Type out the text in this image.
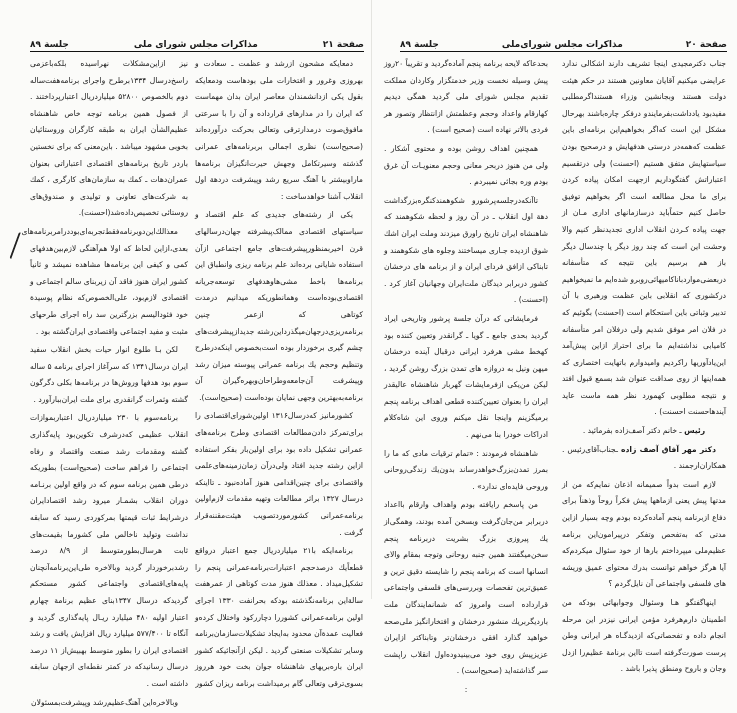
صفحة ۲۱
مذاکرات مجلس شورای ملی
جلسة ۸۹

دمعایکه مشحون ازرشد و عظمت ـ سعادت و بهروزی وغرور و افتخارات ملی بودهاست ودمعایکه بقول یکی ازدانشمندان معاصر ایران بدان مهماست که ایران را در مدارهای قرارداده و آن را با سرعتی مافوق‌صوت درمدارترقی وتعالی بحرکت درآورده‌اند (صحیح‌است) نظری اجمالی بربرنامه‌های عمرانی گذشته وسیرتکامل وجهش حیرت‌انگیزان برنامه‌ها ماراوبیشتر با آهنگ سریع رشد وپیشرفت دردهة اول انقلاب آشنا خواهدساخت :

یکی از رشته‌های جدیدی که علم اقتصاد و سیاستهای اقتصادی ممالک‌پیشرفته جهان‌درسالهای قرن اخیربمنظورپیشرفت‌های جامع اجتماعی ازآن استفاده شایانی برده‌اند علم برنامه ریزی وانطباق این برنامه‌ها باخط مشی‌هاوهدفهای توسعه‌جریانه اقتصادی‌بوده‌است وهمانطوریکه میدانیم درمدت کوتاهی که ازعمر چنین برنامه‌ریزی‌درجهان‌میگذرداین‌رشته جدیدازپیشرفت‌های چشم گیری برخوردار بوده است‌بخصوص اینکه‌درطرح وتنظیم وحجم یك برنامه عمرانی پیوسته میزان رشد وپیشرفت آن‌جامعه‌وطراحان‌وبهره‌گیران آن برنامه‌به‌بهترین وجهی نمایان بوده‌است (صحیح‌است).

کشورمانیز که‌درسال۱۳۱۶ اولین‌شورای‌اقتصادی را برای‌تمرکز دادن‌مطالعات اقتصادی وطرح برنامه‌های عمرانی تشکیل داده بود برای اولین‌بار بفکر استفاده ازاین رشته جدید افتاد ولی‌درآن زمان‌زمینه‌های‌علمی واقتصادی برای چنین‌اقدامی هنوز آماده‌نبود ـ تااینکه درسال ۱۳۲۷ براثر مطالعات وتهیه مقدمات لازم‌اولین برنامه‌عمرانی کشورموردتصویب هیئت‌مقننه‌قرار گرفت .

برنامه‌ایکه با۲۱ میلیاردریال جمع اعتبار درواقع قطعاًیك درصدحجم اعتبارات‌برنامه‌عمرانی پنجم را تشکیل‌میداد . معذلك هنوز مدت کوتاهی از عمرهفت سالةاین برنامه‌نگذشته بودکه بحرانفت ۱۳۳۰ اجرای اولین برنامه‌عمرانی کشوررا دچاررکود واختلال کرده‌و فعالیت عمدةآن محدود به‌ایجاد تشکیلات‌سازمان‌برنامه وسایر تشکیلات صنعتی گردید . لیکن ازآنجائیکه کشور ایران باره‌بریهای شاهنشاه جوان بخت خود هرروز بسوی‌ترقی وتعالی گام برمیداشت برنامه ریزان کشور

نیز ازاین‌مشکلات نهراسیده بلکه‌باعزمی راسخ‌درسال ۱۳۳۴برطرح واجرای برنامه‌هفت‌ساله دوم بالخصوص ۵۲۸۰۰ میلیاردریال اعتبارپرداختند . از فصول همین برنامه توجه خاص شاهنشاه عظیم‌الشأن ایران به طبقه کارگران وروستائیان بخوبی مشهود میباشد . باین‌معنی که برای نخستین باردر تاریخ برنامه‌های اقتصادی اعتباراتی بعنوان عمران‌دهات ـ کمك به سازمان‌های کارگری ، کمك به شرکت‌های تعاونی و تولیدی و صندوق‌های روستائی تخصیص‌داده‌شد(احسنت).

معذالك‌این‌دوبرنامه‌فقط‌تجربه‌ای‌بود‌در‌امر‌برنامه‌های بعدی،ازاین لحاظ که اولا هم‌آهنگی لازم‌بین‌هدفهای کمی و کیفی این برنامه‌ها مشاهده نمیشد و ثانیاً کشور ایران هنوز فاقد آن زیربنای سالم اجتماعی و اقتصادی لازم‌بود، علی‌الخصوص‌که نظام پوسیدة خود فئودالیسم بزرگترین سد راه اجرای طرحهای مثبت و مفید اجتماعی واقتصادی ایران‌گشته بود .

لکن بـا طلوع انوار حیات بخش انقلاب سفید ایران درسال۱۳۴۱ که سرآغاز اجرای برنامه ۵ ساله سوم بود هدفها وروش‌ها در برنامه‌ها بکلی دگرگون گشته وثمرات گرانقدری برای ملت ایران‌ببارآورد .

برنامه‌سوم با ۲۳۰ میلیاردریال اعتباربموازات انقلاب عظیمی که‌درشرف تکوین‌بود پایه‌گذاری گشته ومقدمات رشد صنعت واقتصاد و رفاه اجتماعی را فراهم ساخت (صحیح‌است) بطوریکه درطی همین برنامه سوم که در واقع اولین برنـامه دوران انقلاب بشمـار میرود رشد اقتصادایران درشرایط ثبات قیمتها بمرکوردی رسید که سابقه نداشت وتولید ناخالص ملی کشورما بقیمت‌های ثابت هرسال‌بطورمتوسط از ۸/۹ درصد رشدبرخوردار گردید وبالاخره طی‌این‌برنامه‌آنچنان پایه‌های‌اقتصادی واجتماعی کشور مستحکم گردیدکه درسال ۱۳۴۷بنای عظیم برنامة چهارم اعتبار اولیه ۴۸۰ میلیارد ریـال پایه‌گذاری گردید و آنگاه تا ۵۷۷/۴۰۰ میلیارد ریال افزایش یافت و رشد اقتصادی ایران را بطور متوسط بهبیش‌از ۱۱ درصد درسال رسانیدکه در کمتر نقطه‌ای ازجهان سابقه داشته است .

وبالاخره‌این آهنگ‌عظیم‌رشد وپیشرفت‌بمسئولان

صفحة ۲۰
مذاکرات مجلس شورای‌ملی
جلسة ۸۹

جناب دکترمجیدی اینجا تشریف دارند اشکالی ندارد عرایضی میکنیم آقایان معاونین هستند در حکم هیئت دولت هستند وبجانشین وزراء هستنداگرمطلبی مفیدبود یادداشت‌بفرمایندو درفکر چاره‌باشند بهرحال مشکل این است که‌اگر بخواهیم‌این برنامه‌ای باین عظمت که‌همه‌در درستی هدفهایش و درصحیح بودن سیاستهایش متفق هستیم (احسنت) ولی درتقسیم اعتباراتش گفتگوداریم ازجهت امکان پیاده کردن برای ما محل مطالعه است اگر بخواهیم توفیق حاصل کنیم حتماًباید درسازمانهای اداری مـان از جهت پیاده کـردن انقلاب اداری تجدیدنظر کنیم والا وحشت این است که چند روز دیگر یا چندسال دیگر باز هم برسیم باین نتیجه که متأسفانه دربعضی‌موارد‌باناکامیهائی‌روبرو شده‌ایم ما نمیخواهیم درکشوری که انقلابی باین عظمت ورهبری با آن تدبیر وثباتی باین استحکام است (احسنت) بگوئیم که در فلان امر موفق شدیم ولی درفلان امر متأسفانه کامیابی نداشته‌ایم ما برای احتراز ازاین پیش‌آمد این‌یادآوریها راکردیم وامیدوارم باتهایت اختصاری که همه‌اینها از روی صداقت عنوان شد بسمع قبول افتد و نتیجه مطلوبی کهمورد نظر همه ماست عاید آیندهاحسنت احسنت) .

رئیس ـ خانم دکتر آصف‌زاده بفرمائید .

دکتر مهر آفاق آصف زاده ـجناب‌آقای‌رئیس . همکاران‌ارجمند .

لازم است بدواً صمیمانه اذعان نمایم‌که من از مدتها پیش یعنی ازماهها پیش فکراً روحاً وذهناً برای دفاع ازبرنامه پنجم آماده‌کرده بودم وچه بسیار ازاین مدتی که به‌تفحص وتفکر درپیرامون‌این برنامه عظیم‌ملی میپرداختم بارها از خود سئوال میکردم‌که آیا هرگز خواهم توانست بدرك محتوای عمیق وریشه های فلسفی واجتماعی آن نایل‌گردم ؟

اینهاگفتگو هـا وسئوال وجوابهائی بودکه من اطمینان دارم‌هرفرد مؤمن ایرانی نیزدر این مرحله انجام داده و تفحصاتی‌که ازدیدگـاه هر ایرانی وطن پرست صورت‌گرفته است تااین برنامة عظیم‌را ازدل وجان و باروح ومنطق پذیرا باشد .

بحدعاکه لایحه برنامه پنجم آماده‌گردید و تقریباً ۲۰روز پیش وسیله نخست وزیر خدمتگزار وکاردان مملکت تقدیم مجلس شورای ملی گردید همگی دیدیم کهارقام واعداد وحجم وعظمتش ازانتظار وتصور هر فردی بالاتر نهاده است (صحیح است) .

همچنین اهداف روشن بوده و محتوی آشکار . ولی من هنوز دربحر معانی وحجم معنویـات آن غرق بودم وره بجائی نمیبردم .

تاآنکه‌درجلسه‌پرشورو شکوهمندکنگره‌بزرگداشت دهة اول انقلاب ـ در آن روز و لحظه شکوهمند که شاهنشاه ایران تاریخ راورق میزدند وملت ایران اشك شوق ازدیده جـاری میساختند وجلوه های شکوهمند و تابناکی ازافق فردای ایران و از برنامه های درخشان کشور دربرابر دیدگان ملت‌ایران وجهانیان آغاز کرد . (احسنت) .

فرمایشاتی که درآن جلسة پرشور وتاریخی ایراد گردید بحدی جامع ـ گویا ـ گرانقدر وتعیین کننده بود کهخط مشی هرفرد ایرانی درقبال آینده درخشان میهن ونیل به دروازه های تمدن بزرگ روشن گردید ، لیکن من‌یکی ازفرمایشات گهربار شاهنشاه عالیقدر ایران را بعنوان تعیین‌کننده قطعی اهداف برنامه پنجم برمیگزینم واینجا نقل میکنم وروی این شاه‌کلام ادراکات خودرا بنا می‌نهم .

شاهنشاه فرمودند : «تمام ترقیات مادی که ما را بمرز تمدن‌بزرگ‌خواهدرساند بدون‌یك زندگی‌روحانی وروحی فایده‌ای ندارد» .

من پاسخم رایافته بودم واهداف وارقام بااعداد دربرابر من‌جان‌گرفت وبسخن آمده بودند، وهمگی‌از یك پیروزی بزرگ بشریت دربرنامه پنجم سخن‌میگفتند همین جنبه روحانی وتوجه بمقام والای انسانها است که برنامه پنجم را شایسته دقیق ترین و عمیق‌ترین تفحصات وبررسی‌های فلسفی واجتماعی قرارداده است وامروز که شمانمایندگان ملت باردیگربریك منشور درخشان و افتخارانگیز ملی‌صحه خواهید گذارد افقی درخشان‌تر وتابناکتر ازایران عزیزپیش روی خود می‌بینیدوده‌اول انقلاب راپشت سر گذاشته‌اید (صحیح‌است) .

:
